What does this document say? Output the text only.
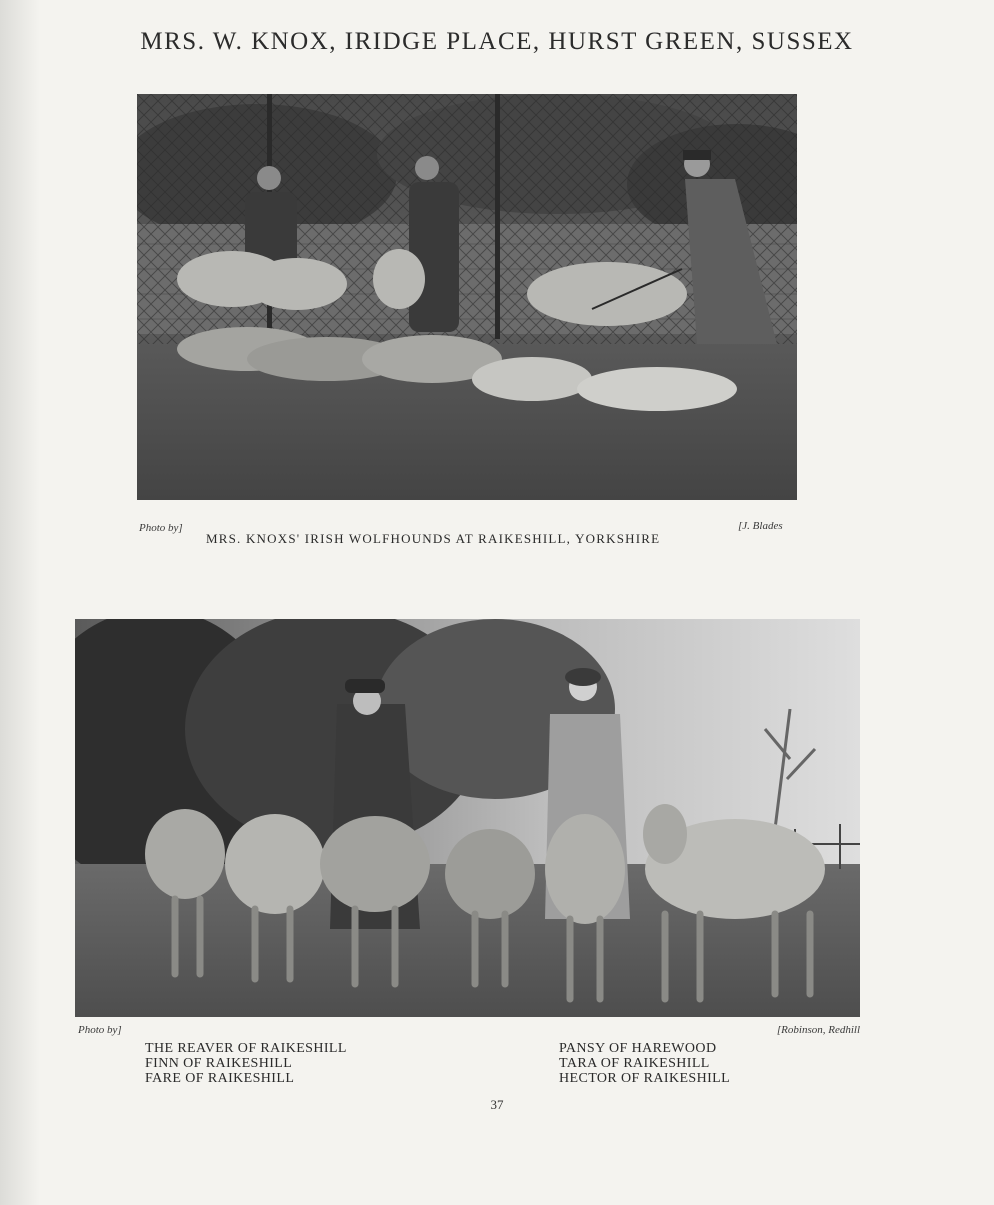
MRS. W. KNOX, IRIDGE PLACE, HURST GREEN, SUSSEX
Photo by]	[J. Blades
MRS. KNOXS' IRISH WOLFHOUNDS AT RAIKESHILL, YORKSHIRE
Photo by]	[Robinson, Redhill
THE REAVER OF RAIKESHILL
FINN OF RAIKESHILL
FARE OF RAIKESHILL
PANSY OF HAREWOOD
TARA OF RAIKESHILL
HECTOR OF RAIKESHILL
37
